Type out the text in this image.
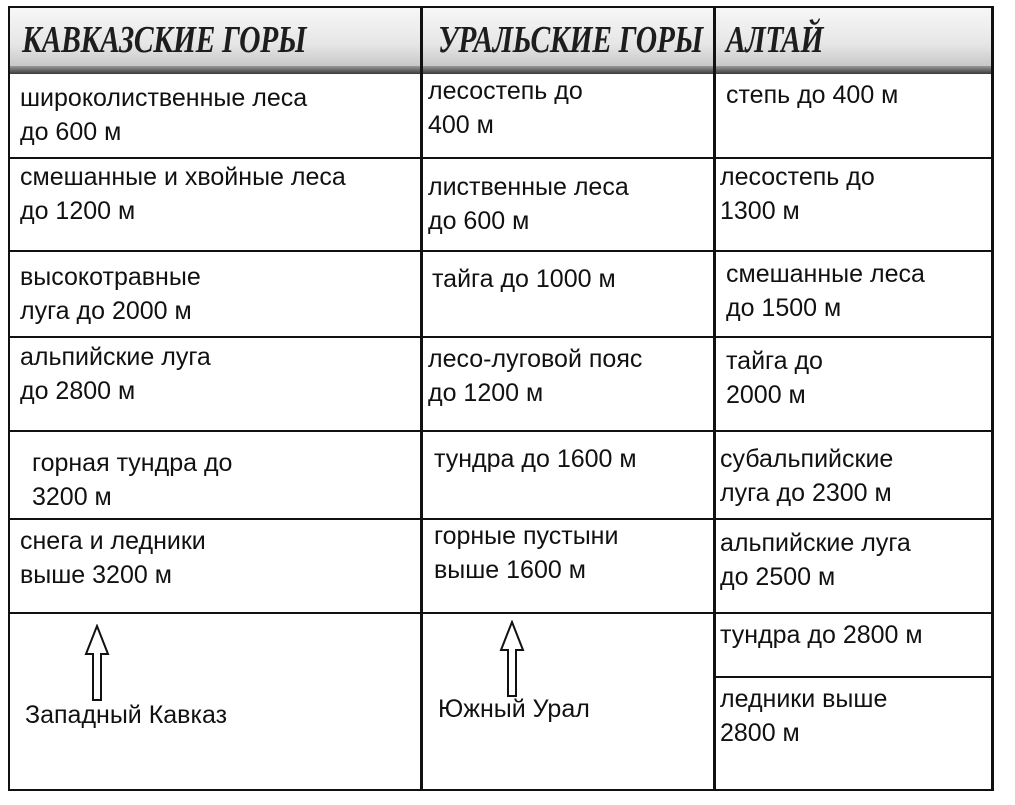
КАВКАЗСКИЕ ГОРЫ	УРАЛЬСКИЕ ГОРЫ АЛТАЙ
широколиственные леса
до 600 м
смешанные и хвойные леса
до 1200 м
высокотравные
луга до 2000 м
альпийские луга
до 2800 м
горная тундра до
3200 м
снега и ледники
выше 3200 м
лесостепь до
400 м
лиственные леса
до 600 м
тайга до 1000 м
лесо-луговой пояс
до 1200 м
тундра до 1600 м
горные пустыни
выше 1600 м
степь до 400 м
лесостепь до
1300 м
смешанные леса
до 1500 м
тайга до
2000 м
субальпийские
луга до 2300 м
альпийские луга
до 2500 м
тундра до 2800 м
ледники выше
2800 м
Западный Кавказ	Южный Урал
